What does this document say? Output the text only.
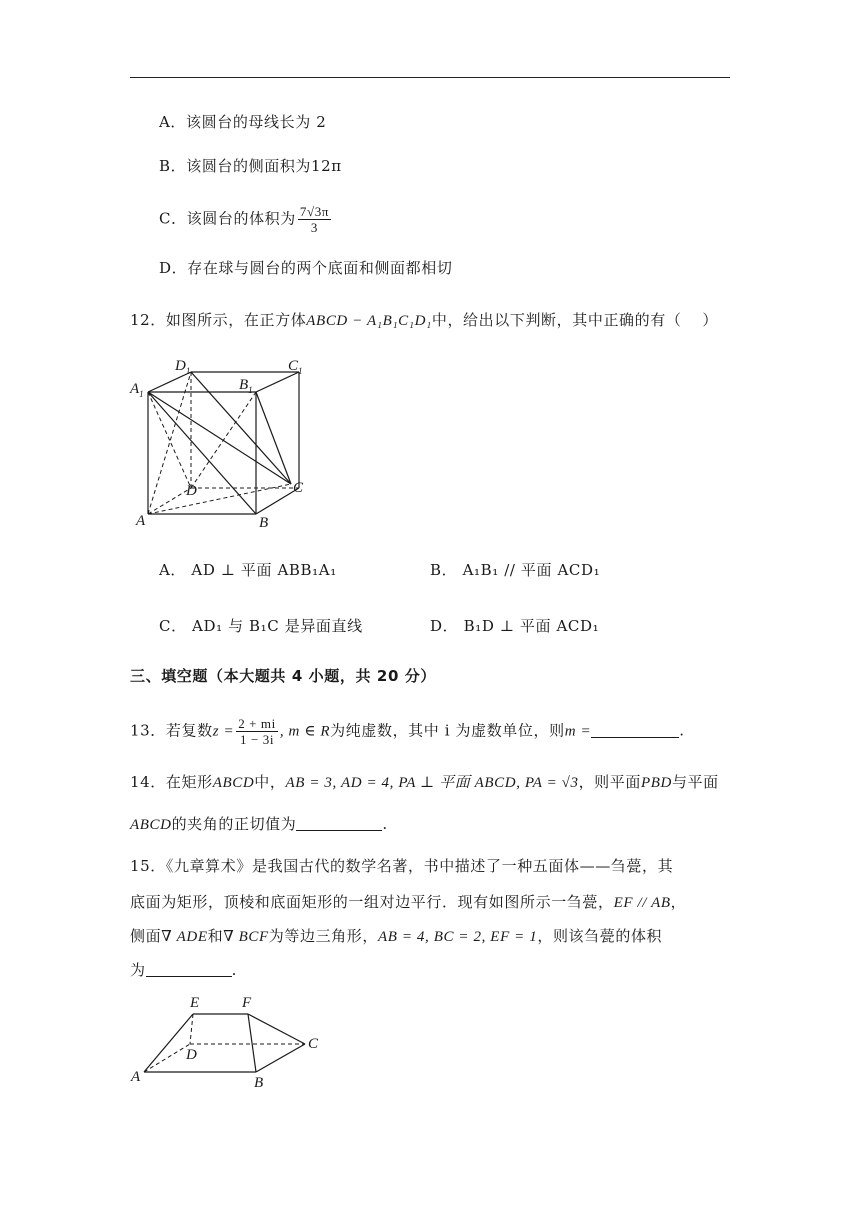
A．该圆台的母线长为 2
B．该圆台的侧面积为12π
C．该圆台的体积为 $\frac{7√3\pi}{3}$
D．存在球与圆台的两个底面和侧面都相切
12．如图所示，在正方体ABCD − A₁B₁C₁D₁中，给出以下判断，其中正确的有（　 ）
$D_1$	$C_1$
$A_1$
$B_1$
D	C
A	B
A． AD ⊥ 平面 ABB₁A₁	B． A₁B₁ // 平面 ACD₁
C． AD₁ 与 B₁C 是异面直线	D． B₁D ⊥ 平面 ACD₁
三、填空题（本大题共 4 小题，共 20 分）
13．若复数$z = \frac{2 + mi}{1 - 3i}$ , m ∈ R为纯虚数，其中 i 为虚数单位，则m =	.
14．在矩形ABCD中，AB = 3, AD = 4, PA ⊥ 平面 ABCD, PA = √3，则平面PBD与平面
ABCD的夹角的正切值为	.
15．《九章算术》是我国古代的数学名著，书中描述了一种五面体——刍甍，其
底面为矩形，顶棱和底面矩形的一组对边平行．现有如图所示一刍甍，EF // AB，
侧面∇ ADE和∇ BCF为等边三角形，AB = 4, BC = 2, EF = 1，则该刍甍的体积
为	.
E	F
D
C
A	B
